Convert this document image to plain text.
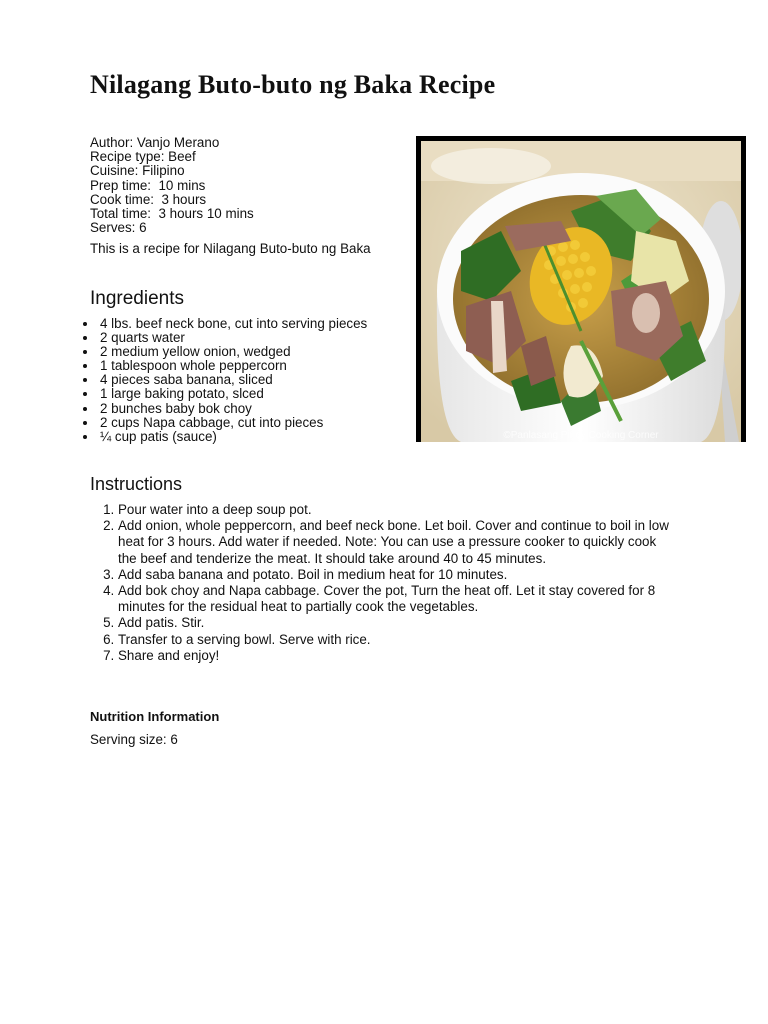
Nilagang Buto-buto ng Baka Recipe
Author: Vanjo Merano
Recipe type: Beef
Cuisine: Filipino
Prep time:  10 mins
Cook time:  3 hours
Total time:  3 hours 10 mins
Serves: 6
This is a recipe for Nilagang Buto-buto ng Baka
©Panlasang Pinoy Cooking Corner
Ingredients
• 4 lbs. beef neck bone, cut into serving pieces
• 2 quarts water
• 2 medium yellow onion, wedged
• 1 tablespoon whole peppercorn
• 4 pieces saba banana, sliced
• 1 large baking potato, slced
• 2 bunches baby bok choy
• 2 cups Napa cabbage, cut into pieces
• ¼ cup patis (sauce)
Instructions
1. Pour water into a deep soup pot.
2. Add onion, whole peppercorn, and beef neck bone. Let boil. Cover and continue to boil in low heat for 3 hours. Add water if needed. Note: You can use a pressure cooker to quickly cook the beef and tenderize the meat. It should take around 40 to 45 minutes.
3. Add saba banana and potato. Boil in medium heat for 10 minutes.
4. Add bok choy and Napa cabbage. Cover the pot, Turn the heat off. Let it stay covered for 8 minutes for the residual heat to partially cook the vegetables.
5. Add patis. Stir.
6. Transfer to a serving bowl. Serve with rice.
7. Share and enjoy!
Nutrition Information
Serving size: 6
